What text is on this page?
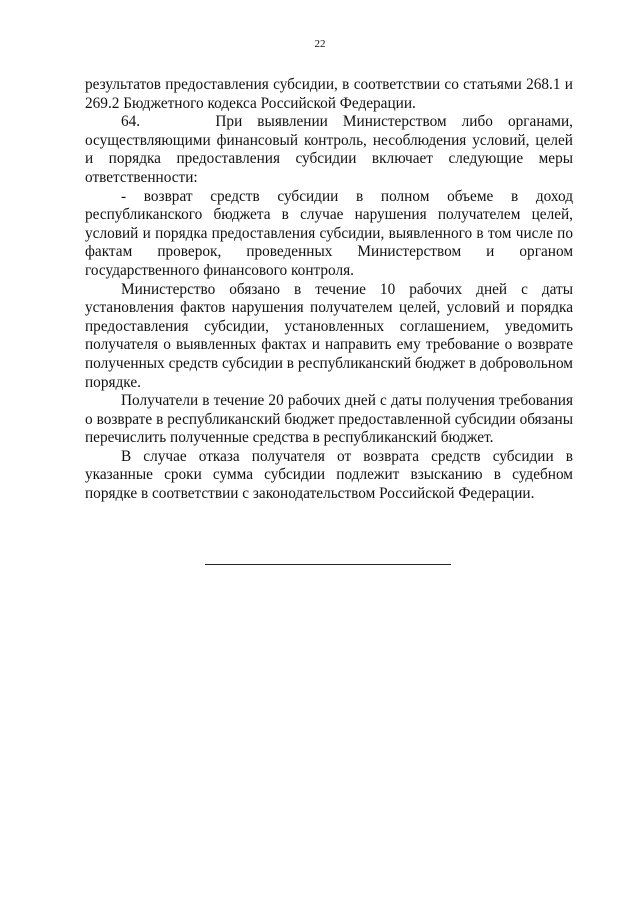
22

результатов предоставления субсидии, в соответствии со статьями 268.1 и 269.2 Бюджетного кодекса Российской Федерации.

64.     При выявлении Министерством либо органами, осуществляющими финансовый контроль, несоблюдения условий, целей и порядка предоставления субсидии включает следующие меры ответственности:

- возврат средств субсидии в полном объеме в доход республиканского бюджета в случае нарушения получателем целей, условий и порядка предоставления субсидии, выявленного в том числе по фактам проверок, проведенных Министерством и органом государственного финансового контроля.

Министерство обязано в течение 10 рабочих дней с даты установления фактов нарушения получателем целей, условий и порядка предоставления субсидии, установленных соглашением, уведомить получателя о выявленных фактах и направить ему требование о возврате полученных средств субсидии в республиканский бюджет в добровольном порядке.

Получатели в течение 20 рабочих дней с даты получения требования о возврате в республиканский бюджет предоставленной субсидии обязаны перечислить полученные средства в республиканский бюджет.

В случае отказа получателя от возврата средств субсидии в указанные сроки сумма субсидии подлежит взысканию в судебном порядке в соответствии с законодательством Российской Федерации.
